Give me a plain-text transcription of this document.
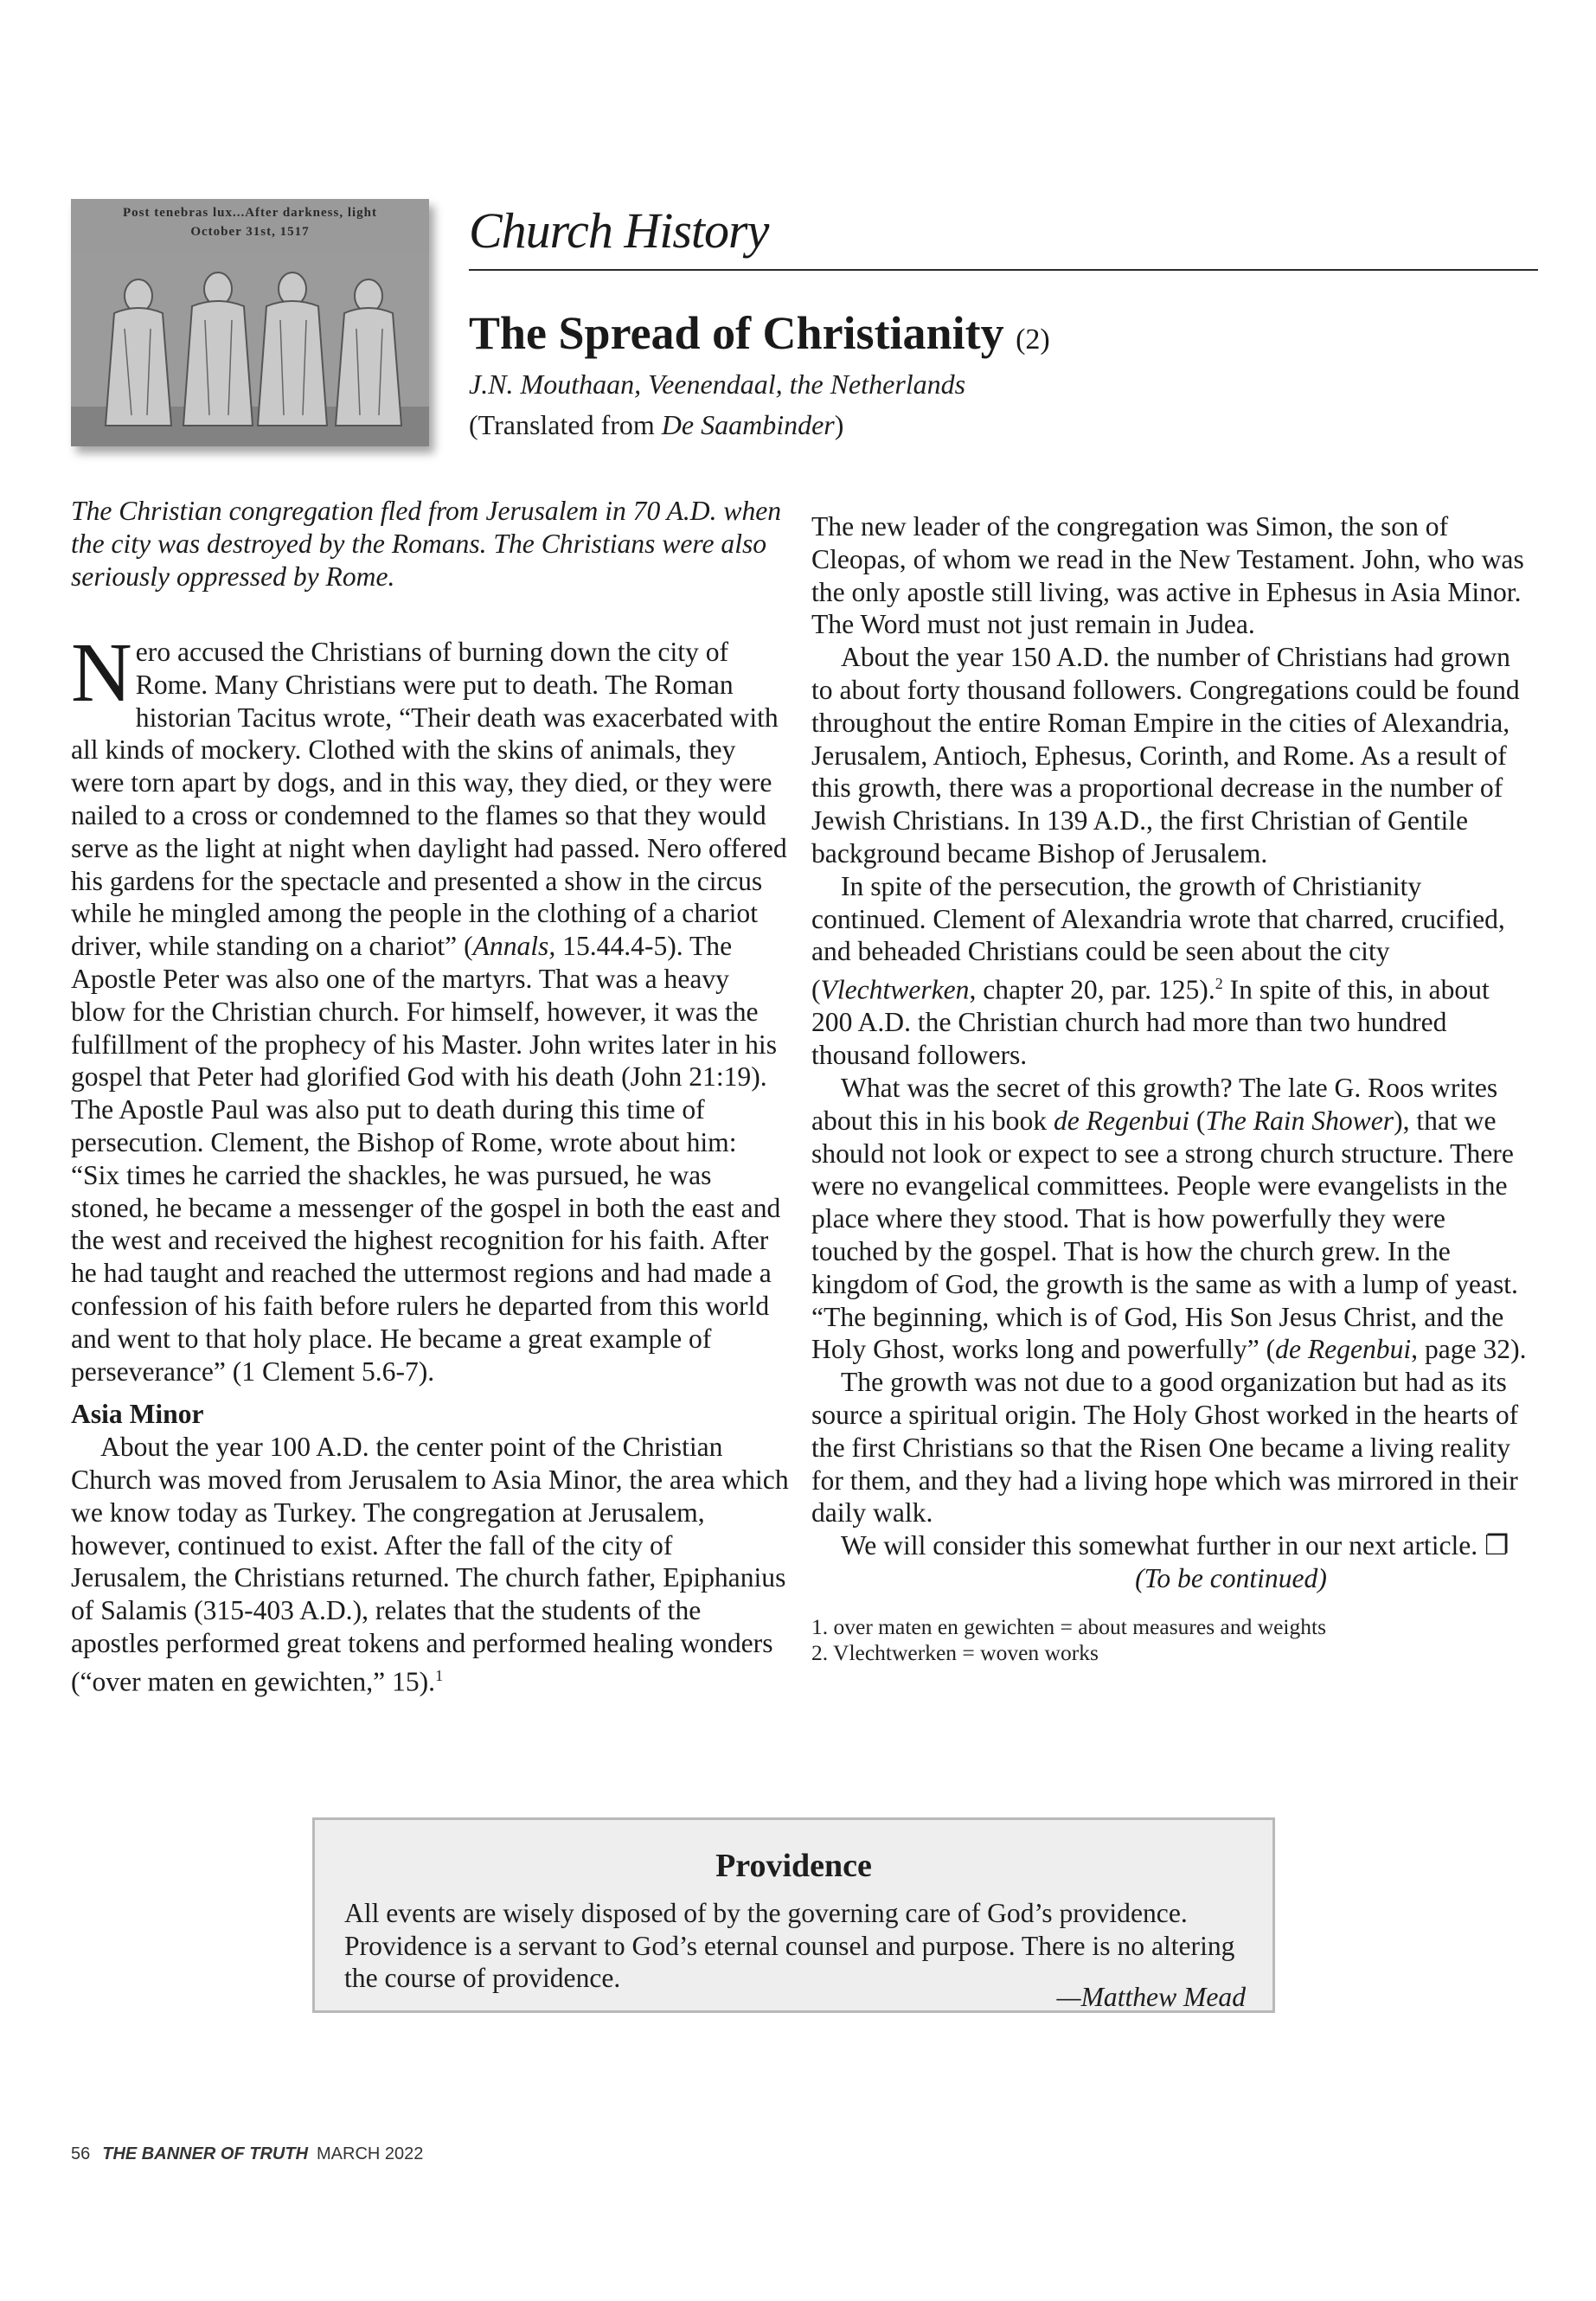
Post tenebras lux...After darkness, light
October 31st, 1517	Church History
The Spread of Christianity (2)
J.N. Mouthaan, Veenendaal, the Netherlands
(Translated from De Saambinder)
The Christian congregation fled from Jerusalem in 70 A.D. when the city was destroyed by the Romans. The Christians were also seriously oppressed by Rome.

Nero accused the Christians of burning down the city of Rome. Many Christians were put to death. The Roman historian Tacitus wrote, “Their death was exacerbated with all kinds of mockery. Clothed with the skins of animals, they were torn apart by dogs, and in this way, they died, or they were nailed to a cross or condemned to the flames so that they would serve as the light at night when daylight had passed. Nero offered his gardens for the spectacle and presented a show in the circus while he mingled among the people in the clothing of a chariot driver, while standing on a chariot” (Annals, 15.44.4-5). The Apostle Peter was also one of the martyrs. That was a heavy blow for the Christian church. For himself, however, it was the fulfillment of the prophecy of his Master. John writes later in his gospel that Peter had glorified God with his death (John 21:19). The Apostle Paul was also put to death during this time of persecution. Clement, the Bishop of Rome, wrote about him: “Six times he carried the shackles, he was pursued, he was stoned, he became a messenger of the gospel in both the east and the west and received the highest recognition for his faith. After he had taught and reached the uttermost regions and had made a confession of his faith before rulers he departed from this world and went to that holy place. He became a great example of perseverance” (1 Clement 5.6-7).

Asia Minor

About the year 100 A.D. the center point of the Christian Church was moved from Jerusalem to Asia Minor, the area which we know today as Turkey. The congregation at Jerusalem, however, continued to exist. After the fall of the city of Jerusalem, the Christians returned. The church father, Epiphanius of Salamis (315-403 A.D.), relates that the students of the apostles performed great tokens and performed healing wonders (“over maten en gewichten,” 15).$^1$

The new leader of the congregation was Simon, the son of Cleopas, of whom we read in the New Testament. John, who was the only apostle still living, was active in Ephesus in Asia Minor. The Word must not just remain in Judea.

About the year 150 A.D. the number of Christians had grown to about forty thousand followers. Congregations could be found throughout the entire Roman Empire in the cities of Alexandria, Jerusalem, Antioch, Ephesus, Corinth, and Rome. As a result of this growth, there was a proportional decrease in the number of Jewish Christians. In 139 A.D., the first Christian of Gentile background became Bishop of Jerusalem.

In spite of the persecution, the growth of Christianity continued. Clement of Alexandria wrote that charred, crucified, and beheaded Christians could be seen about the city (Vlechtwerken, chapter 20, par. 125).$^2$ In spite of this, in about 200 A.D. the Christian church had more than two hundred thousand followers.

What was the secret of this growth? The late G. Roos writes about this in his book de Regenbui (The Rain Shower), that we should not look or expect to see a strong church structure. There were no evangelical committees. People were evangelists in the place where they stood. That is how powerfully they were touched by the gospel. That is how the church grew. In the kingdom of God, the growth is the same as with a lump of yeast. “The beginning, which is of God, His Son Jesus Christ, and the Holy Ghost, works long and powerfully” (de Regenbui, page 32).

The growth was not due to a good organization but had as its source a spiritual origin. The Holy Ghost worked in the hearts of the first Christians so that the Risen One became a living reality for them, and they had a living hope which was mirrored in their daily walk.

We will consider this somewhat further in our next article. ❐

(To be continued)

1. over maten en gewichten = about measures and weights

2. Vlechtwerken = woven works

Providence
All events are wisely disposed of by the governing care of God’s providence. Providence is a servant to God’s eternal counsel and purpose. There is no altering the course of providence.
—Matthew Mead
56 THE BANNER OF TRUTH MARCH 2022
